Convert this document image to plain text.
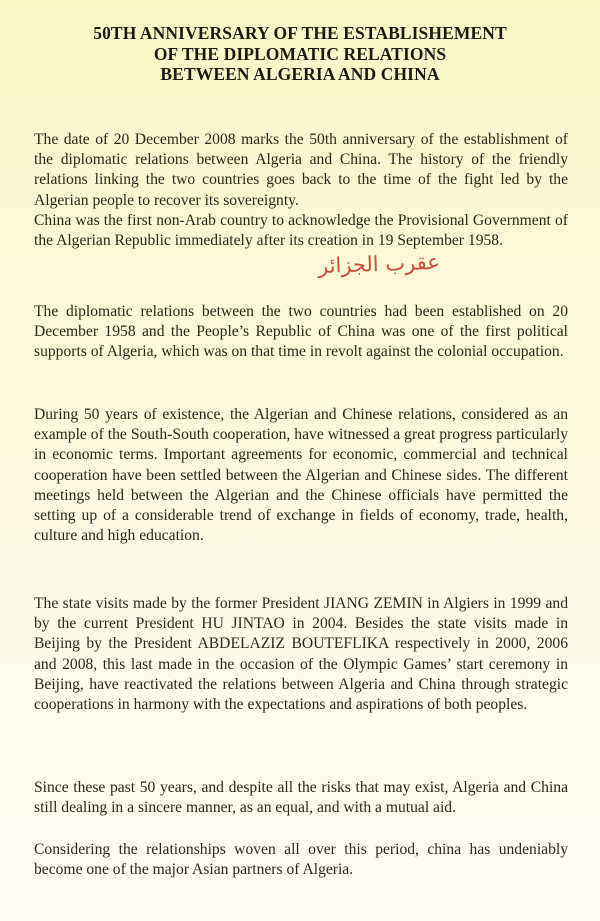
50TH ANNIVERSARY OF THE ESTABLISHEMENT
OF THE DIPLOMATIC RELATIONS
BETWEEN ALGERIA AND CHINA
The date of 20 December 2008 marks the 50th anniversary of the establishment of the diplomatic relations between Algeria and China. The history of the friendly relations linking the two countries goes back to the time of the fight led by the Algerian people to recover its sovereignty.
China was the first non-Arab country to acknowledge the Provisional Government of the Algerian Republic immediately after its creation in 19 September 1958.
عقرب الجزائر
The diplomatic relations between the two countries had been established on 20 December 1958 and the People’s Republic of China was one of the first political supports of Algeria, which was on that time in revolt against the colonial occupation.
During 50 years of existence, the Algerian and Chinese relations, considered as an example of the South-South cooperation, have witnessed a great progress particularly in economic terms. Important agreements for economic, commercial and technical cooperation have been settled between the Algerian and Chinese sides. The different meetings held between the Algerian and the Chinese officials have permitted the setting up of a considerable trend of exchange in fields of economy, trade, health, culture and high education.
The state visits made by the former President JIANG ZEMIN in Algiers in 1999 and by the current President HU JINTAO in 2004. Besides the state visits made in Beijing by the President ABDELAZIZ BOUTEFLIKA respectively in 2000, 2006 and 2008, this last made in the occasion of the Olympic Games’ start ceremony in Beijing, have reactivated the relations between Algeria and China through strategic cooperations in harmony with the expectations and aspirations of both peoples.
Since these past 50 years, and despite all the risks that may exist, Algeria and China still dealing in a sincere manner, as an equal, and with a mutual aid.
Considering the relationships woven all over this period, china has undeniably become one of the major Asian partners of Algeria.
